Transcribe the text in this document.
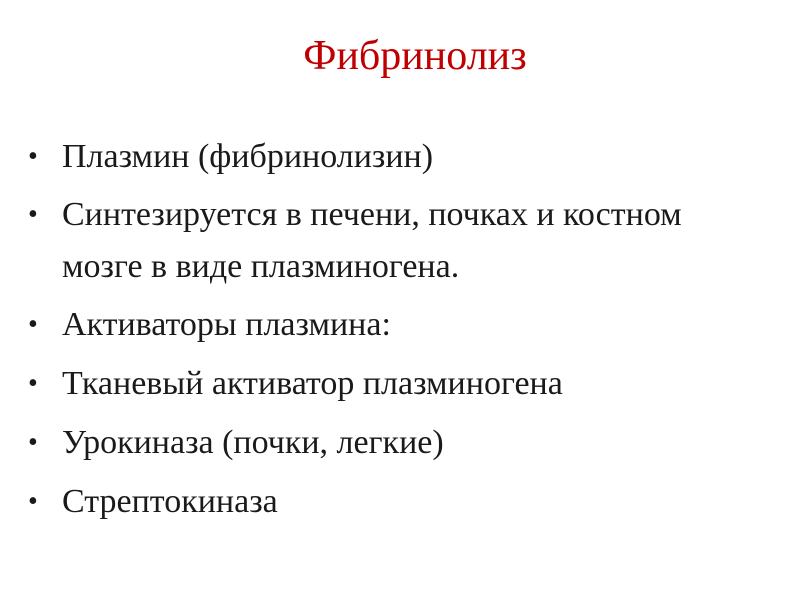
Фибринолиз
• Плазмин (фибринолизин)
• Синтезируется в печени, почках и костном мозге в виде плазминогена.
• Активаторы плазмина:
• Тканевый активатор плазминогена
• Урокиназа (почки, легкие)
• Стрептокиназа
